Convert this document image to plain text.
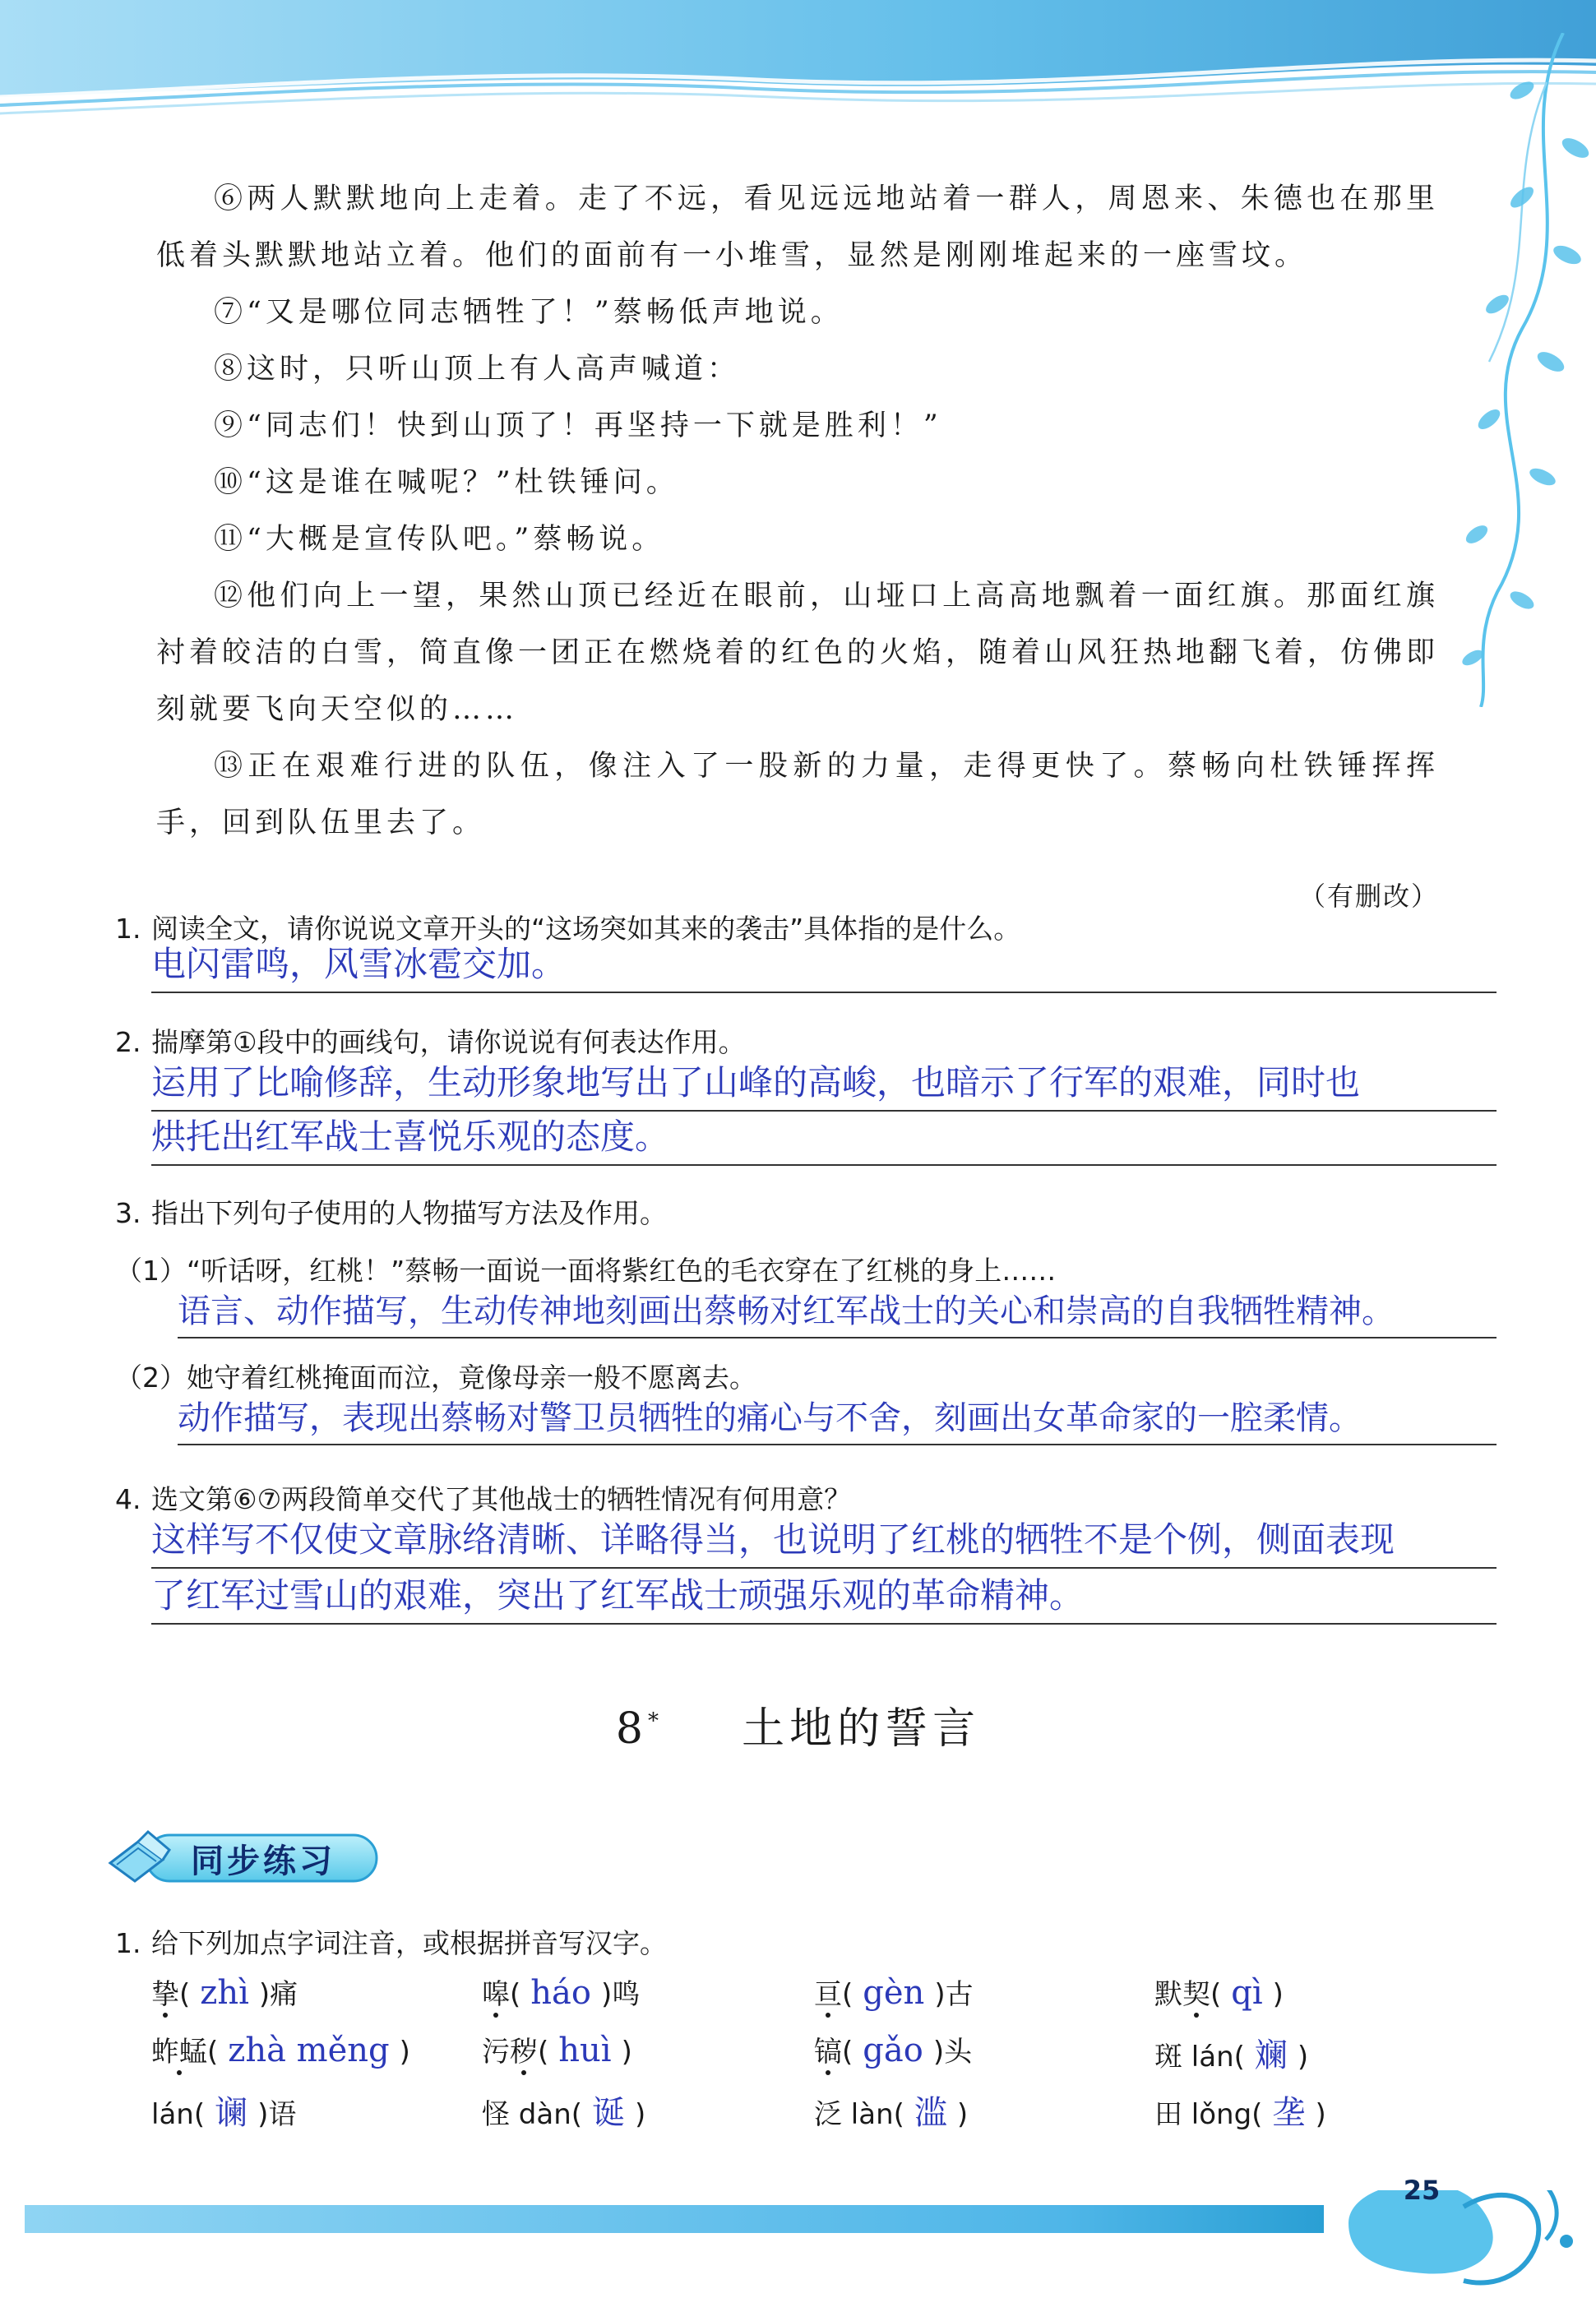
⑥两人默默地向上走着。走了不远，看见远远地站着一群人，周恩来、朱德也在那里低着头默默地站立着。他们的面前有一小堆雪，显然是刚刚堆起来的一座雪坟。

⑦“又是哪位同志牺牲了！”蔡畅低声地说。

⑧这时，只听山顶上有人高声喊道：

⑨“同志们！快到山顶了！再坚持一下就是胜利！”

⑩“这是谁在喊呢？”杜铁锤问。

⑪“大概是宣传队吧。”蔡畅说。

⑫他们向上一望，果然山顶已经近在眼前，山垭口上高高地飘着一面红旗。那面红旗衬着皎洁的白雪，简直像一团正在燃烧着的红色的火焰，随着山风狂热地翻飞着，仿佛即刻就要飞向天空似的……

⑬正在艰难行进的队伍，像注入了一股新的力量，走得更快了。蔡畅向杜铁锤挥挥手，回到队伍里去了。

（有删改）

1. 阅读全文，请你说说文章开头的“这场突如其来的袭击”具体指的是什么。
电闪雷鸣，风雪冰雹交加。
2. 揣摩第①段中的画线句，请你说说有何表达作用。
运用了比喻修辞，生动形象地写出了山峰的高峻，也暗示了行军的艰难，同时也
烘托出红军战士喜悦乐观的态度。
3. 指出下列句子使用的人物描写方法及作用。
（1）“听话呀，红桃！”蔡畅一面说一面将紫红色的毛衣穿在了红桃的身上……
语言、动作描写，生动传神地刻画出蔡畅对红军战士的关心和崇高的自我牺牲精神。
（2）她守着红桃掩面而泣，竟像母亲一般不愿离去。
动作描写，表现出蔡畅对警卫员牺牲的痛心与不舍，刻画出女革命家的一腔柔情。
4. 选文第⑥⑦两段简单交代了其他战士的牺牲情况有何用意？
这样写不仅使文章脉络清晰、详略得当，也说明了红桃的牺牲不是个例，侧面表现
了红军过雪山的艰难，突出了红军战士顽强乐观的革命精神。
8* 土地的誓言
同步练习
1. 给下列加点字词注音，或根据拼音写汉字。
挚( zhì )痛	嗥( háo )鸣	亘( gèn )古	默契( qì )
蚱蜢( zhà měng )	污秽( huì )	镐( gǎo )头	斑 lán( 斓 )
lán( 谰 )语	怪 dàn( 诞 )	泛 làn( 滥 )	田 lǒng( 垄 )
25
